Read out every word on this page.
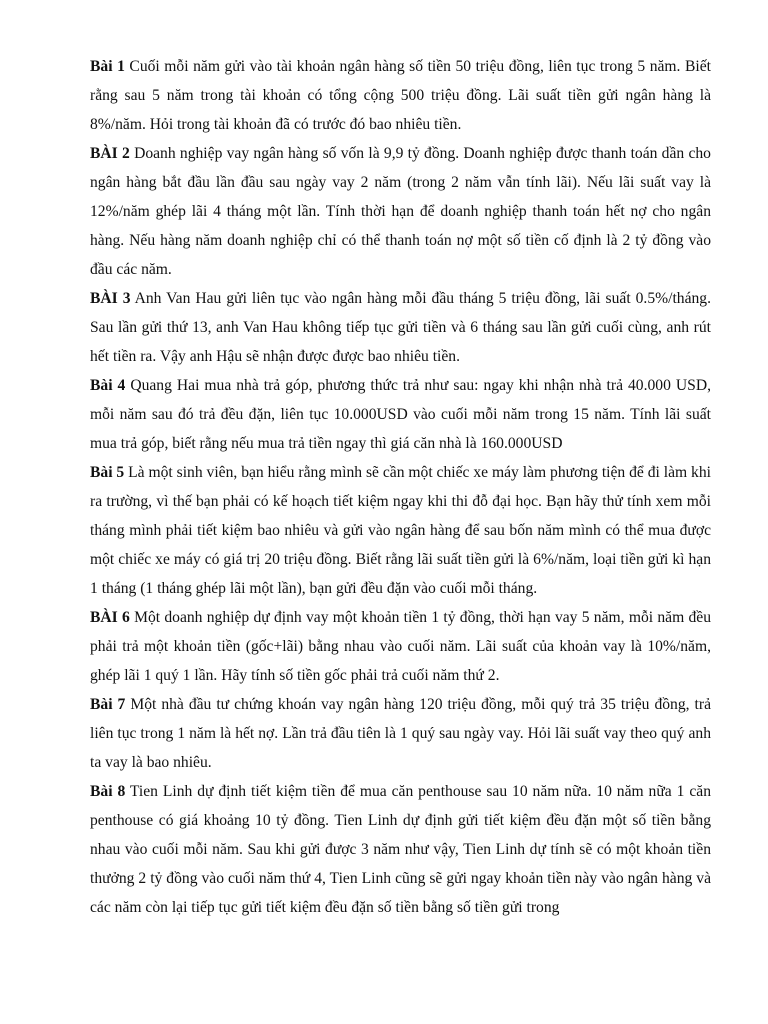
Bài 1 Cuối mỗi năm gửi vào tài khoản ngân hàng số tiền 50 triệu đồng, liên tục trong 5 năm. Biết rằng sau 5 năm trong tài khoản có tổng cộng 500 triệu đồng. Lãi suất tiền gửi ngân hàng là 8%/năm. Hỏi trong tài khoản đã có trước đó bao nhiêu tiền.

BÀI 2 Doanh nghiệp vay ngân hàng số vốn là 9,9 tỷ đồng. Doanh nghiệp được thanh toán dần cho ngân hàng bắt đầu lần đầu sau ngày vay 2 năm (trong 2 năm vẫn tính lãi). Nếu lãi suất vay là 12%/năm ghép lãi 4 tháng một lần. Tính thời hạn để doanh nghiệp thanh toán hết nợ cho ngân hàng. Nếu hàng năm doanh nghiệp chỉ có thể thanh toán nợ một số tiền cố định là 2 tỷ đồng vào đầu các năm.

BÀI 3 Anh Van Hau gửi liên tục vào ngân hàng mỗi đầu tháng 5 triệu đồng, lãi suất 0.5%/tháng. Sau lần gửi thứ 13, anh Van Hau không tiếp tục gửi tiền và 6 tháng sau lần gửi cuối cùng, anh rút hết tiền ra. Vậy anh Hậu sẽ nhận được được bao nhiêu tiền.

Bài 4 Quang Hai mua nhà trả góp, phương thức trả như sau: ngay khi nhận nhà trả 40.000 USD, mỗi năm sau đó trả đều đặn, liên tục 10.000USD vào cuối mỗi năm trong 15 năm. Tính lãi suất mua trả góp, biết rằng nếu mua trả tiền ngay thì giá căn nhà là 160.000USD

Bài 5 Là một sinh viên, bạn hiểu rằng mình sẽ cần một chiếc xe máy làm phương tiện để đi làm khi ra trường, vì thế bạn phải có kế hoạch tiết kiệm ngay khi thi đỗ đại học. Bạn hãy thử tính xem mỗi tháng mình phải tiết kiệm bao nhiêu và gửi vào ngân hàng để sau bốn năm mình có thể mua được một chiếc xe máy có giá trị 20 triệu đồng. Biết rằng lãi suất tiền gửi là 6%/năm, loại tiền gửi kì hạn 1 tháng (1 tháng ghép lãi một lần), bạn gửi đều đặn vào cuối mỗi tháng.

BÀI 6 Một doanh nghiệp dự định vay một khoản tiền 1 tỷ đồng, thời hạn vay 5 năm, mỗi năm đều phải trả một khoản tiền (gốc+lãi) bằng nhau vào cuối năm. Lãi suất của khoản vay là 10%/năm, ghép lãi 1 quý 1 lần. Hãy tính số tiền gốc phải trả cuối năm thứ 2.

Bài 7 Một nhà đầu tư chứng khoán vay ngân hàng 120 triệu đồng, mỗi quý trả 35 triệu đồng, trả liên tục trong 1 năm là hết nợ. Lần trả đầu tiên là 1 quý sau ngày vay. Hỏi lãi suất vay theo quý anh ta vay là bao nhiêu.

Bài 8 Tien Linh dự định tiết kiệm tiền để mua căn penthouse sau 10 năm nữa. 10 năm nữa 1 căn penthouse có giá khoảng 10 tỷ đồng. Tien Linh dự định gửi tiết kiệm đều đặn một số tiền bằng nhau vào cuối mỗi năm. Sau khi gửi được 3 năm như vậy, Tien Linh dự tính sẽ có một khoản tiền thưởng 2 tỷ đồng vào cuối năm thứ 4, Tien Linh cũng sẽ gửi ngay khoản tiền này vào ngân hàng và các năm còn lại tiếp tục gửi tiết kiệm đều đặn số tiền bằng số tiền gửi trong
